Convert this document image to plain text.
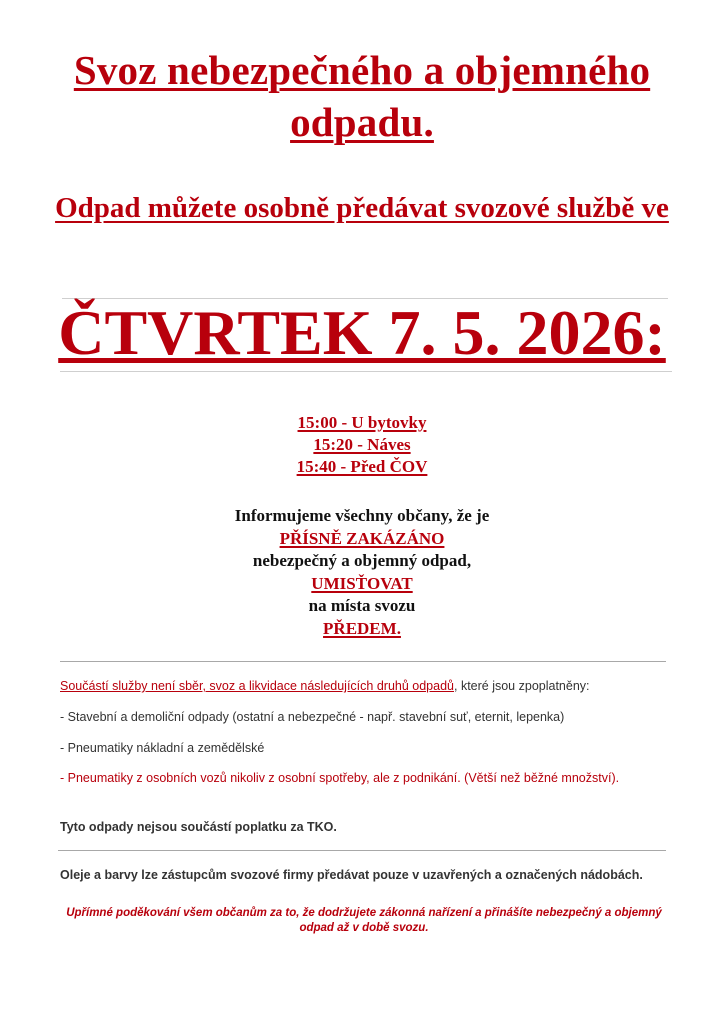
Svoz nebezpečného a objemného odpadu.
Odpad můžete osobně předávat svozové službě ve
ČTVRTEK 7. 5. 2026:
15:00 - U bytovky
15:20 - Náves
15:40 - Před ČOV
Informujeme všechny občany, že je
PŘÍSNĚ ZAKÁZÁNO
nebezpečný a objemný odpad,
UMISŤOVAT
na místa svozu
PŘEDEM.
Součástí služby není sběr, svoz a likvidace následujících druhů odpadů, které jsou zpoplatněny:
- Stavební a demoliční odpady (ostatní a nebezpečné - např. stavební suť, eternit, lepenka)
- Pneumatiky nákladní a zemědělské
- Pneumatiky z osobních vozů nikoliv z osobní spotřeby, ale z podnikání. (Větší než běžné množství).
Tyto odpady nejsou součástí poplatku za TKO.
Oleje a barvy lze zástupcům svozové firmy předávat pouze v uzavřených a označených nádobách.
Upřímné poděkování všem občanům za to, že dodržujete zákonná nařízení a přinášíte nebezpečný a objemný odpad až v době svozu.
